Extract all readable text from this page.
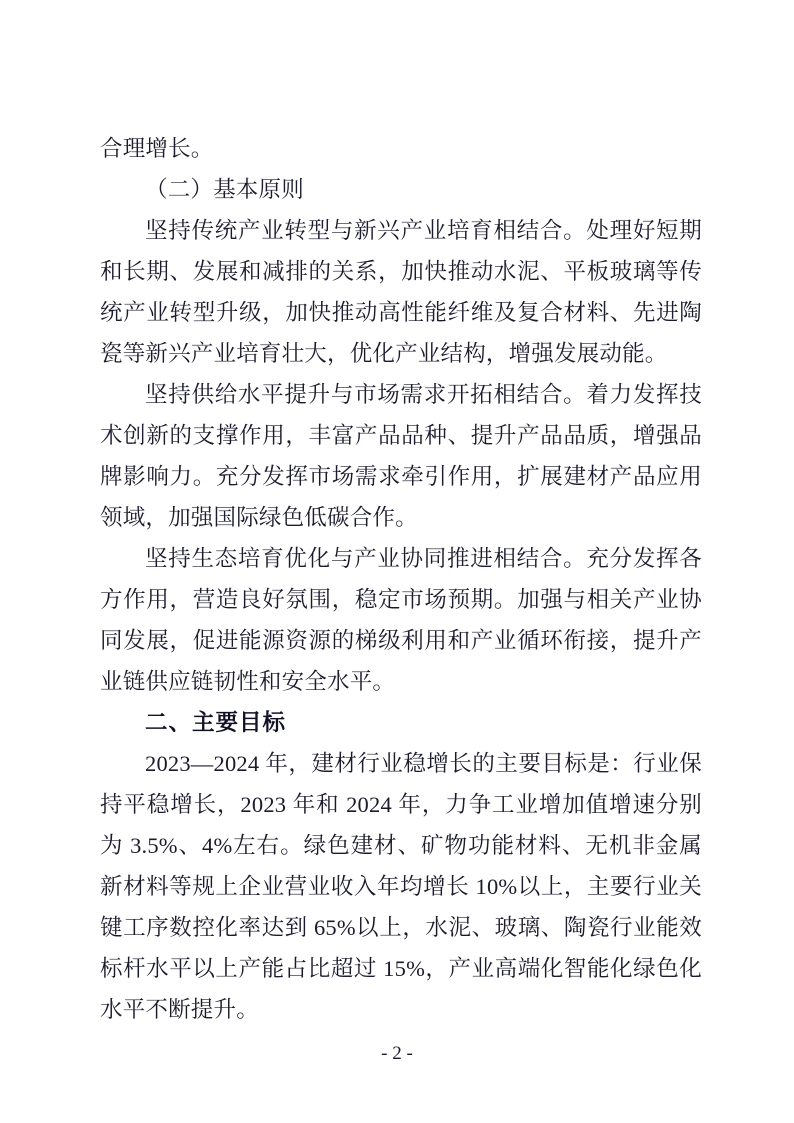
合理增长。

（二）基本原则

坚持传统产业转型与新兴产业培育相结合。处理好短期和长期、发展和减排的关系，加快推动水泥、平板玻璃等传统产业转型升级，加快推动高性能纤维及复合材料、先进陶瓷等新兴产业培育壮大，优化产业结构，增强发展动能。

坚持供给水平提升与市场需求开拓相结合。着力发挥技术创新的支撑作用，丰富产品品种、提升产品品质，增强品牌影响力。充分发挥市场需求牵引作用，扩展建材产品应用领域，加强国际绿色低碳合作。

坚持生态培育优化与产业协同推进相结合。充分发挥各方作用，营造良好氛围，稳定市场预期。加强与相关产业协同发展，促进能源资源的梯级利用和产业循环衔接，提升产业链供应链韧性和安全水平。

二、主要目标

2023—2024 年，建材行业稳增长的主要目标是：行业保持平稳增长，2023 年和 2024 年，力争工业增加值增速分别为 3.5%、4%左右。绿色建材、矿物功能材料、无机非金属新材料等规上企业营业收入年均增长 10%以上，主要行业关键工序数控化率达到 65%以上，水泥、玻璃、陶瓷行业能效标杆水平以上产能占比超过 15%，产业高端化智能化绿色化水平不断提升。

- 2 -
